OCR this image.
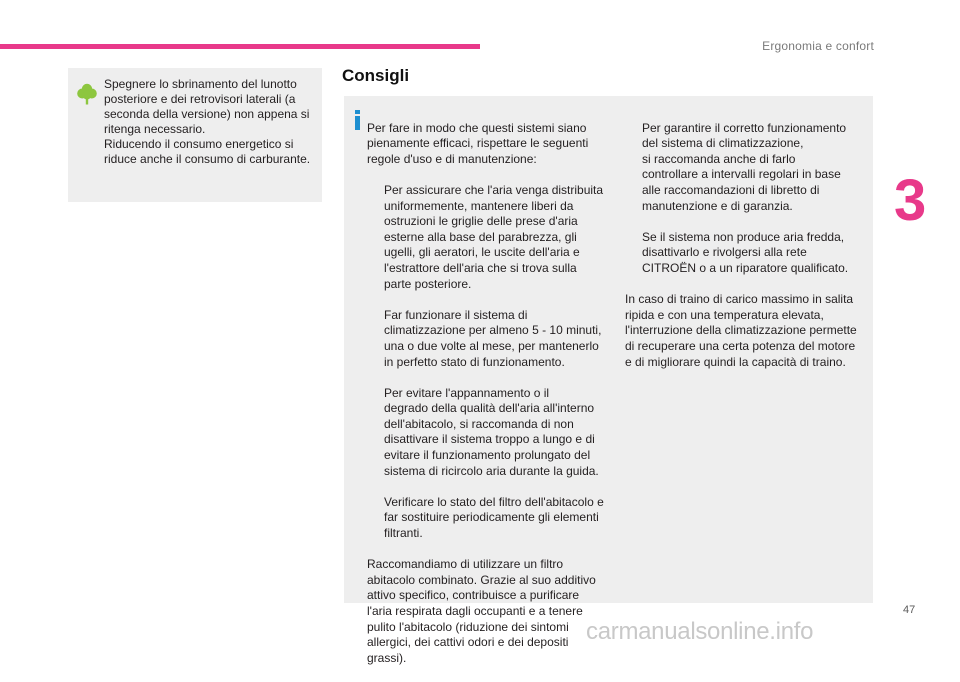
Ergonomia e confort
3

Spegnere lo sbrinamento del lunotto
posteriore e dei retrovisori laterali (a
seconda della versione) non appena si
ritenga necessario.
Riducendo il consumo energetico si
riduce anche il consumo di carburante.

Consigli

Per fare in modo che questi sistemi siano
pienamente efficaci, rispettare le seguenti
regole d'uso e di manutenzione:

Per assicurare che l'aria venga distribuita
uniformemente, mantenere liberi da
ostruzioni le griglie delle prese d'aria
esterne alla base del parabrezza, gli
ugelli, gli aeratori, le uscite dell'aria e
l'estrattore dell'aria che si trova sulla
parte posteriore.

Far funzionare il sistema di
climatizzazione per almeno 5 - 10 minuti,
una o due volte al mese, per mantenerlo
in perfetto stato di funzionamento.

Per evitare l'appannamento o il
degrado della qualità dell'aria all'interno
dell'abitacolo, si raccomanda di non
disattivare il sistema troppo a lungo e di
evitare il funzionamento prolungato del
sistema di ricircolo aria durante la guida.

Verificare lo stato del filtro dell'abitacolo e
far sostituire periodicamente gli elementi
filtranti.

Raccomandiamo di utilizzare un filtro
abitacolo combinato. Grazie al suo additivo
attivo specifico, contribuisce a purificare
l'aria respirata dagli occupanti e a tenere
pulito l'abitacolo (riduzione dei sintomi
allergici, dei cattivi odori e dei depositi
grassi).

Per garantire il corretto funzionamento
del sistema di climatizzazione,
si raccomanda anche di farlo
controllare a intervalli regolari in base
alle raccomandazioni di libretto di
manutenzione e di garanzia.

Se il sistema non produce aria fredda,
disattivarlo e rivolgersi alla rete
CITROËN o a un riparatore qualificato.

In caso di traino di carico massimo in salita
ripida e con una temperatura elevata,
l'interruzione della climatizzazione permette
di recuperare una certa potenza del motore
e di migliorare quindi la capacità di traino.

47
carmanualsonline.info
